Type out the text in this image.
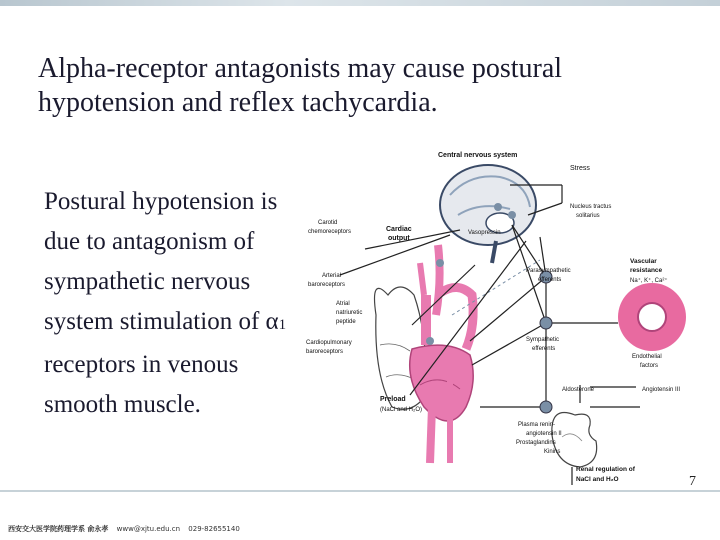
Alpha-receptor antagonists may cause postural hypotension and reflex tachycardia.
Postural hypotension is due to antagonism of sympathetic nervous system stimulation of α1 receptors in venous smooth muscle.
Central nervous system
Stress
Nucleus tractus
solitarius
Carotid
chemoreceptors	Cardiac
output
Vasopressin
Arterial
baroreceptors
Parasympathetic
efferents
Vascular
resistance
Na⁺, K⁺, Ca²⁺
Atrial
natriuretic
peptide
Cardiopulmonary
baroreceptors
Sympathetic
efferents
Endothelial
factors
Aldosterone	Angiotensin III
Preload
(NaCl and H₂O)
Plasma renin-
angiotensin II
Prostaglandins
Kinins
Renal regulation of
NaCl and H₂O	7
西安交大医学院药理学系 俞永孝 www@xjtu.edu.cn 029-82655140
